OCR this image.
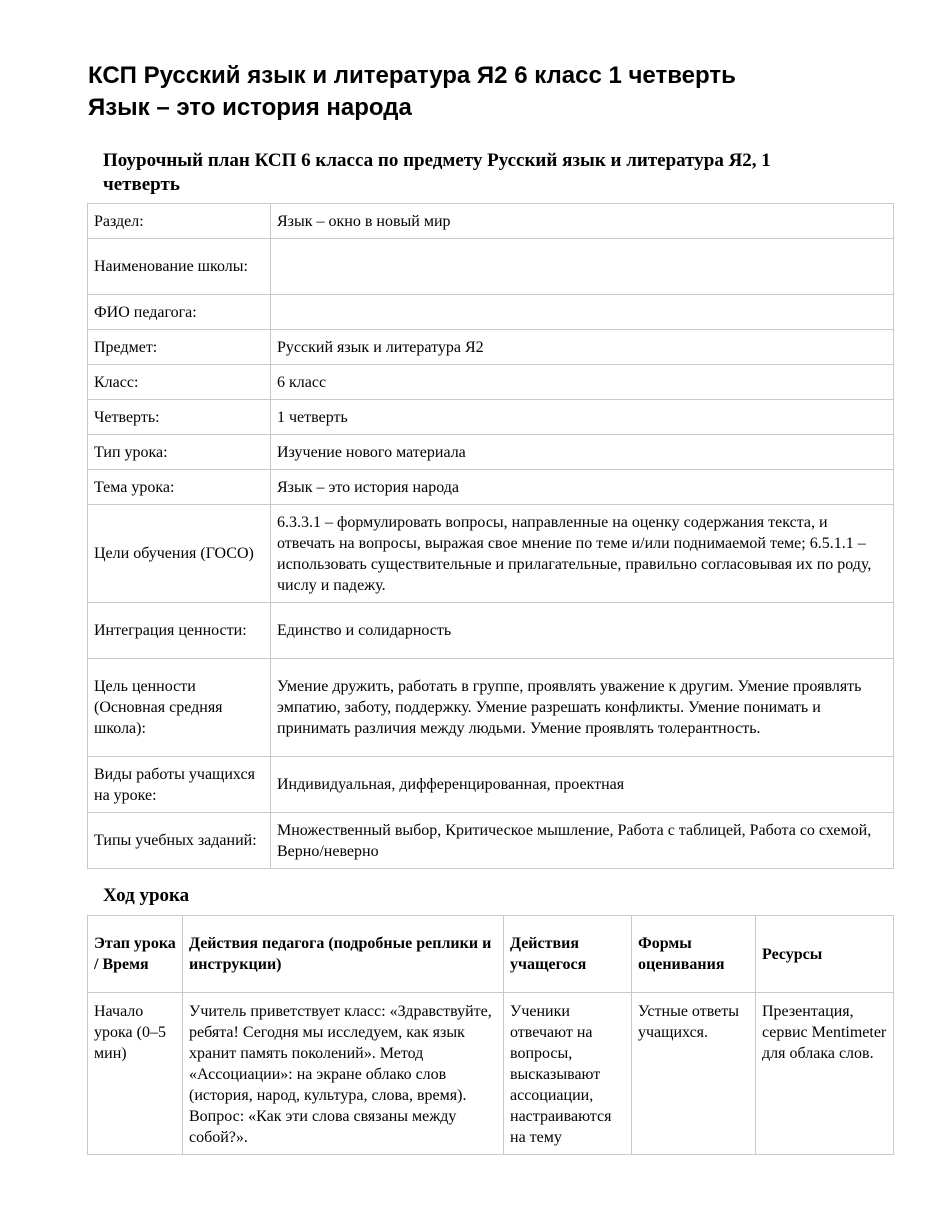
КСП Русский язык и литература Я2 6 класс 1 четверть
Язык – это история народа
Поурочный план КСП 6 класса по предмету Русский язык и литература Я2, 1
четверть
Раздел:	Язык – окно в новый мир
Наименование школы:	
ФИО педагога:	
Предмет:	Русский язык и литература Я2
Класс:	6 класс
Четверть:	1 четверть
Тип урока:	Изучение нового материала
Тема урока:	Язык – это история народа
Цели обучения (ГОСО)	6.3.3.1 – формулировать вопросы, направленные на оценку содержания текста, и отвечать на вопросы, выражая свое мнение по теме и/или поднимаемой теме; 6.5.1.1 – использовать существительные и прилагательные, правильно согласовывая их по роду, числу и падежу.
Интеграция ценности:	Единство и солидарность
Цель ценности (Основная средняя школа):	Умение дружить, работать в группе, проявлять уважение к другим. Умение проявлять эмпатию, заботу, поддержку. Умение разрешать конфликты. Умение понимать и принимать различия между людьми. Умение проявлять толерантность.
Виды работы учащихся на уроке:	Индивидуальная, дифференцированная, проектная
Типы учебных заданий:	Множественный выбор, Критическое мышление, Работа с таблицей, Работа со схемой, Верно/неверно
Ход урока
Этап урока / Время	Действия педагога (подробные реплики и инструкции)	Действия учащегося	Формы оценивания	Ресурсы
Начало урока (0–5 мин)	Учитель приветствует класс: «Здравствуйте, ребята! Сегодня мы исследуем, как язык хранит память поколений». Метод «Ассоциации»: на экране облако слов (история, народ, культура, слова, время). Вопрос: «Как эти слова связаны между собой?».	Ученики отвечают на вопросы, высказывают ассоциации, настраиваются на тему	Устные ответы учащихся.	Презентация, сервис Mentimeter для облака слов.
